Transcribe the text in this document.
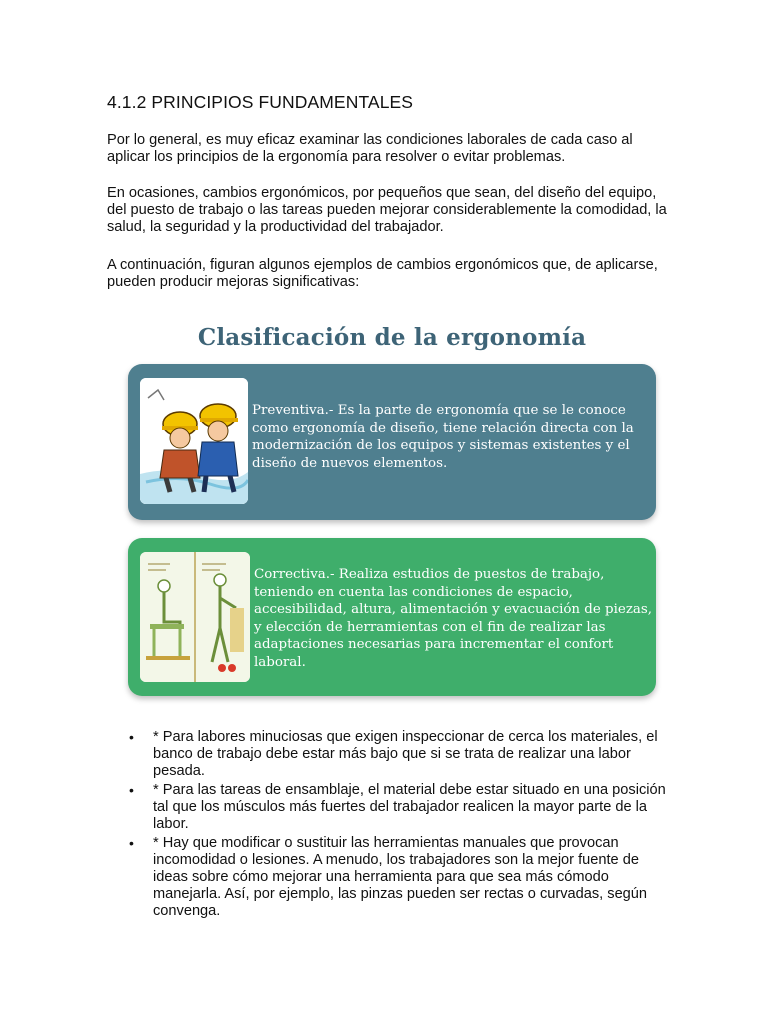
4.1.2 PRINCIPIOS FUNDAMENTALES

Por lo general, es muy eficaz examinar las condiciones laborales de cada caso al aplicar los principios de la ergonomía para resolver o evitar problemas.

En ocasiones, cambios ergonómicos, por pequeños que sean, del diseño del equipo, del puesto de trabajo o las tareas pueden mejorar considerablemente la comodidad, la salud, la seguridad y la productividad del trabajador.

A continuación, figuran algunos ejemplos de cambios ergonómicos que, de aplicarse, pueden producir mejoras significativas:

Clasificación de la ergonomía

Preventiva.- Es la parte de ergonomía que se le conoce como ergonomía de diseño, tiene relación directa con la modernización de los equipos y sistemas existentes y el diseño de nuevos elementos.

Correctiva.- Realiza estudios de puestos de trabajo, teniendo en cuenta las condiciones de espacio, accesibilidad, altura, alimentación y evacuación de piezas, y elección de herramientas con el fin de realizar las adaptaciones necesarias para incrementar el confort laboral.

• * Para labores minuciosas que exigen inspeccionar de cerca los materiales, el banco de trabajo debe estar más bajo que si se trata de realizar una labor pesada.
• * Para las tareas de ensamblaje, el material debe estar situado en una posición tal que los músculos más fuertes del trabajador realicen la mayor parte de la labor.
• * Hay que modificar o sustituir las herramientas manuales que provocan incomodidad o lesiones. A menudo, los trabajadores son la mejor fuente de ideas sobre cómo mejorar una herramienta para que sea más cómodo manejarla. Así, por ejemplo, las pinzas pueden ser rectas o curvadas, según convenga.
